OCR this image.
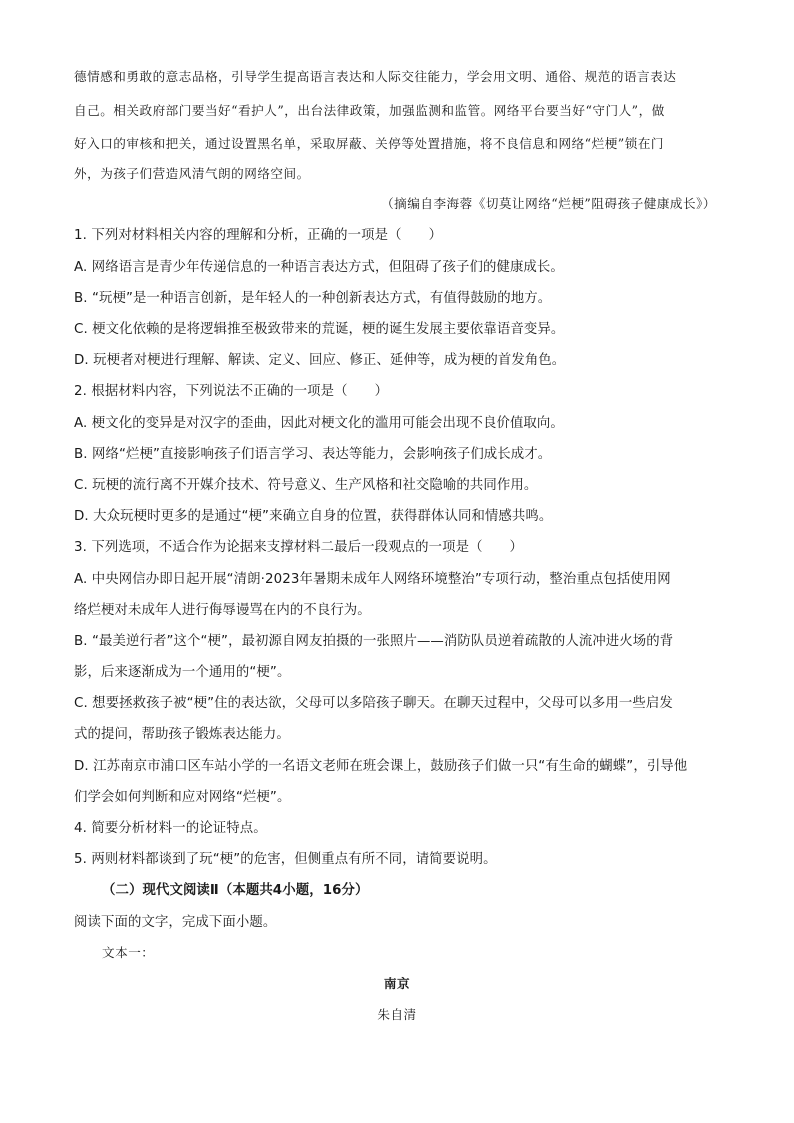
德情感和勇敢的意志品格，引导学生提高语言表达和人际交往能力，学会用文明、通俗、规范的语言表达
自己。相关政府部门要当好“看护人”，出台法律政策，加强监测和监管。网络平台要当好“守门人”，做
好入口的审核和把关，通过设置黑名单，采取屏蔽、关停等处置措施，将不良信息和网络“烂梗”锁在门
外，为孩子们营造风清气朗的网络空间。
（摘编自李海蓉《切莫让网络“烂梗”阻碍孩子健康成长》）
1. 下列对材料相关内容的理解和分析，正确的一项是（　　）
A. 网络语言是青少年传递信息的一种语言表达方式，但阻碍了孩子们的健康成长。
B. “玩梗”是一种语言创新，是年轻人的一种创新表达方式，有值得鼓励的地方。
C. 梗文化依赖的是将逻辑推至极致带来的荒诞，梗的诞生发展主要依靠语音变异。
D. 玩梗者对梗进行理解、解读、定义、回应、修正、延伸等，成为梗的首发角色。
2. 根据材料内容，下列说法不正确的一项是（　　）
A. 梗文化的变异是对汉字的歪曲，因此对梗文化的滥用可能会出现不良价值取向。
B. 网络“烂梗”直接影响孩子们语言学习、表达等能力，会影响孩子们成长成才。
C. 玩梗的流行离不开媒介技术、符号意义、生产风格和社交隐喻的共同作用。
D. 大众玩梗时更多的是通过“梗”来确立自身的位置，获得群体认同和情感共鸣。
3. 下列选项，不适合作为论据来支撑材料二最后一段观点的一项是（　　）
A. 中央网信办即日起开展“清朗·2023年暑期未成年人网络环境整治”专项行动，整治重点包括使用网
络烂梗对未成年人进行侮辱谩骂在内的不良行为。
B. “最美逆行者”这个“梗”，最初源自网友拍摄的一张照片——消防队员逆着疏散的人流冲进火场的背
影，后来逐渐成为一个通用的“梗”。
C. 想要拯救孩子被“梗”住的表达欲，父母可以多陪孩子聊天。在聊天过程中，父母可以多用一些启发
式的提问，帮助孩子锻炼表达能力。
D. 江苏南京市浦口区车站小学的一名语文老师在班会课上，鼓励孩子们做一只“有生命的蝴蝶”，引导他
们学会如何判断和应对网络“烂梗”。
4. 简要分析材料一的论证特点。
5. 两则材料都谈到了玩“梗”的危害，但侧重点有所不同，请简要说明。
（二）现代文阅读Ⅱ（本题共4小题，16分）
阅读下面的文字，完成下面小题。
文本一：
南京
朱自清
